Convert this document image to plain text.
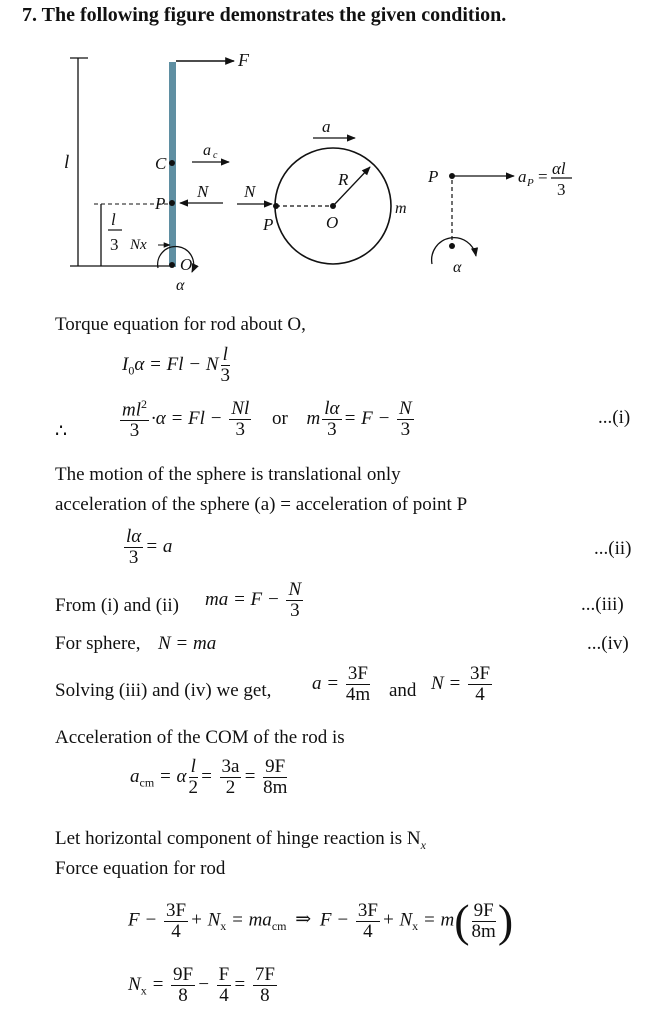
7. The following figure demonstrates the given condition.
l
l
3
F
C
a c
P
N
Nx
O
α
a
O
R
m
P
N
P	a P = αl
3
α
Torque equation for rod about O,
$I_0\alpha = Fl - N \frac{l}{3}$
∴	$\frac{ml^2}{3} \cdot\alpha = Fl - \frac{Nl}{3}$ or m $\frac{l\alpha}{3} = F - \frac{N}{3}$	...(i)
The motion of the sphere is translational only
acceleration of the sphere (a) = acceleration of point P
$\frac{l\alpha}{3} = a$	...(ii)
From (i) and (ii) ma = $F - \frac{N}{3}$	...(iii)
For sphere, N = ma	...(iv)
Solving (iii) and (iv) we get, $a = \frac{3F}{4m}$ and $N = \frac{3F}{4}$
Acceleration of the COM of the rod is
$a_{cm} = \alpha \frac{l}{2} = \frac{3a}{2} = \frac{9F}{8m}$
Let horizontal component of hinge reaction is $N_x$
Force equation for rod
$F - \frac{3F}{4} + N_x = ma_{cm}$ ⇒ $F - \frac{3F}{4} + N_x = m( \frac{9F}{8m}$ )
$N_x = \frac{9F}{8} - \frac{F}{4} = \frac{7F}{8}$
